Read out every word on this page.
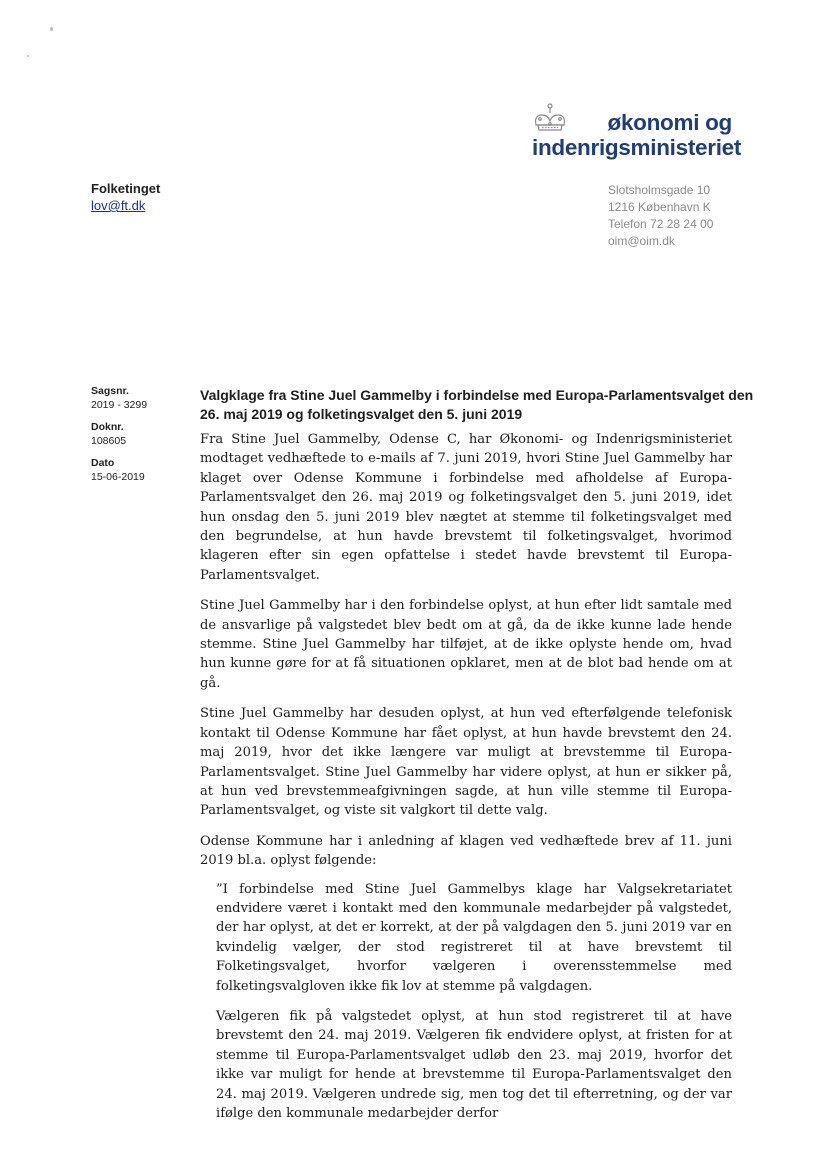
økonomi og
indenrigsministeriet
Folketinget
lov@ft.dk
Slotsholmsgade 10
1216 København K
Telefon 72 28 24 00
oim@oim.dk
Sagsnr.
2019 - 3299
Doknr.
108605
Dato
15-06-2019
Valgklage fra Stine Juel Gammelby i forbindelse med Europa-Parlamentsvalget den 26. maj 2019 og folketingsvalget den 5. juni 2019

Fra Stine Juel Gammelby, Odense C, har Økonomi- og Indenrigsministeriet modtaget vedhæftede to e-mails af 7. juni 2019, hvori Stine Juel Gammelby har klaget over Odense Kommune i forbindelse med afholdelse af Europa-Parlamentsvalget den 26. maj 2019 og folketingsvalget den 5. juni 2019, idet hun onsdag den 5. juni 2019 blev nægtet at stemme til folketingsvalget med den begrundelse, at hun havde brevstemt til folketingsvalget, hvorimod klageren efter sin egen opfattelse i stedet havde brevstemt til Europa-Parlamentsvalget.

Stine Juel Gammelby har i den forbindelse oplyst, at hun efter lidt samtale med de ansvarlige på valgstedet blev bedt om at gå, da de ikke kunne lade hende stemme. Stine Juel Gammelby har tilføjet, at de ikke oplyste hende om, hvad hun kunne gøre for at få situationen opklaret, men at de blot bad hende om at gå.

Stine Juel Gammelby har desuden oplyst, at hun ved efterfølgende telefonisk kontakt til Odense Kommune har fået oplyst, at hun havde brevstemt den 24. maj 2019, hvor det ikke længere var muligt at brevstemme til Europa-Parlamentsvalget. Stine Juel Gammelby har videre oplyst, at hun er sikker på, at hun ved brevstemmeafgivningen sagde, at hun ville stemme til Europa-Parlamentsvalget, og viste sit valgkort til dette valg.

Odense Kommune har i anledning af klagen ved vedhæftede brev af 11. juni 2019 bl.a. oplyst følgende:

”I forbindelse med Stine Juel Gammelbys klage har Valgsekretariatet endvidere været i kontakt med den kommunale medarbejder på valgstedet, der har oplyst, at det er korrekt, at der på valgdagen den 5. juni 2019 var en kvindelig vælger, der stod registreret til at have brevstemt til Folketingsvalget, hvorfor vælgeren i overensstemmelse med folketingsvalgloven ikke fik lov at stemme på valgdagen.

Vælgeren fik på valgstedet oplyst, at hun stod registreret til at have brevstemt den 24. maj 2019. Vælgeren fik endvidere oplyst, at fristen for at stemme til Europa-Parlamentsvalget udløb den 23. maj 2019, hvorfor det ikke var muligt for hende at brevstemme til Europa-Parlamentsvalget den 24. maj 2019. Vælgeren undrede sig, men tog det til efterretning, og der var ifølge den kommunale medarbejder derfor
